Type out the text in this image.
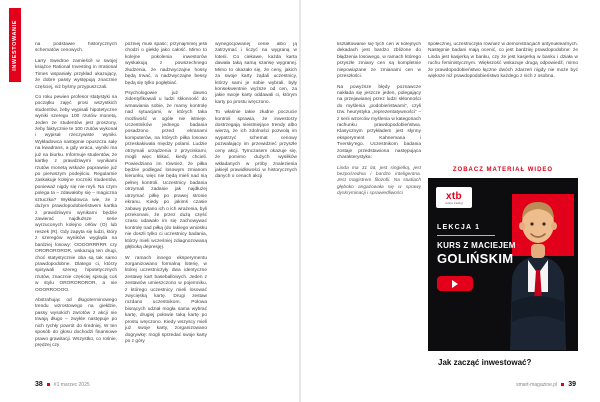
INWESTOWANIE	na podstawie historycznych schematów cenowych.

Larry Swedroe zamieścił w swojej książce Rational Investing in Irrational Times wspaniały przykład ukazujący, że dobre passy występują znacznie częściej, niż byśmy przypuszczali.

Co roku pewien profesor statystyki na początku zajęć prosi wszystkich studentów, żeby wypisali hipotetyczne wyniki szeregu 100 rzutów monetą. Jeden ze studentów jest proszony, żeby faktycznie te 100 rzutów wykonał i wypisał rzeczywiste wyniki. Wykładowca następnie opuszcza salę na kwadrans, a gdy wraca, wyniki ma już na biurku. Informuje studentów, że kartkę z prawdziwymi wynikami rzutów monetą wskaże poprawnie już po pierwszym podejściu. Regularnie zaskakuje kolejne roczniki studentów, ponieważ nigdy się nie myli. Na czym polega ta – zdawałoby się – magiczna sztuczka? Wykładowca wie, że z dużym prawdopodobieństwem kartka z prawdziwymi wynikami będzie zawierać najdłuższe serie wyrzuconych kolejno orłów (O) lub reszek (R). Gdy zapyta się ludzi, który z szeregów wyników wygląda na bardziej losowy: OOOORRRRR czy OROROROROR, wskazują ten drugi, choć statystycznie oba są tak samo prawdopodobne. Dlatego ci, którzy spisywali szereg hipotetycznych rzutów, znacznie częściej spisują coś w stylu OROROROROR, a nie OOORROOOO.

Abstrahując od długoterminowego trendu wzrostowego na giełdzie, passy wysokich zwrotów z akcji nie trwają długo – zwykle następuje po nich rychły powrót do średniej. W ten sposób do głosu dochodzi finansowe prawo grawitacji. Wszystko, co rośnie, prędzej czy

później musi spaść; przynajmniej jeśli chodzi o giełdę jako całość. Mimo to kolejne pokolenia inwestorów wyskakują z powszechnego złudzenia, że nadzwyczajne hossy będą trwać, a nadzwyczajne bessy będą się tylko pogłębiać.

Psychologowie już dawno zidentyfikowali u ludzi skłonność do wmawiania sobie, że mamy kontrolę nad sytuacjami, w których taka możliwość w ogóle nie istnieje. Uczestników jednego badania posadzono przed ekranami komputerów, na których piłka losowo przeskakiwała między polami. Ludzie otrzymali urządzenia z przyciskami, mogli więc klikać, kiedy chcieli. Powiedziano im również, że piłka będzie podlegać losowym zmianom kierunku, więc nie będą mieli nad nią pełnej kontroli. Uczestnicy badania otrzymali zadanie jak najdłużej utrzymać piłkę po prawej stronie ekranu. Kiedy po jakimś czasie zabawy pytano ich o ich wrażenia, byli przekonani, że przez dużą część czasu udawało im się zachowywać kontrolę nad piłką (do takiego wniosku nie doszli tylko ci uczestnicy badania, którzy mieli wcześniej zdiagnozowaną głęboką depresję).

W ramach innego eksperymentu zorganizowano formalną loterię, w której uczestniczyły dwa identyczne zestawy kart baseballowych. Jeden z zestawów umieszczono w pojemniku, z którego uczestnicy mieli losować zwycięską kartę. Drugi zestaw rozdano uczestnikom. Połowa biorących udział mogła sama wybrać kartę, drugiej połowie taką kartę po prostu wręczono. Kiedy wszyscy mieli już swoje karty, zorganizowano dogrywkę: mogli sprzedać swoje karty po z góry

wynegocjowanej cenie albo ją zatrzymać i liczyć na wygraną w loterii. Co ciekawe, każda karta dawała taką samą szansę wygranej. Mimo to okazało się, że ceny, jakich za swoje karty żądali uczestnicy, którzy sami je sobie wybrali, były konsekwentnie wyższe od cen, za jakie swoje karty oddawali ci, którym karty po prostu wręczono.

To właśnie takie złudne poczucie kontroli sprawia, że inwestorzy dostrzegają nieistniejące trendy albo wierzą, że ich zdolności pozwolą im wypatrzyć schemat cenowy pozwalający im przewidzieć przyszłe ceny akcji. Tymczasem okazuje się, że pomimo dużych wysiłków wkładanych w próby znalezienia jakiejś prawidłowości w historycznych danych o cenach akcji

kształtowanie się tych cen w kolejnych dekadach jest bardzo zbliżone do błądzenia losowego, w ramach którego przyszłe zmiany cen są kompletnie niepowiązane ze zmianami cen w przeszłości.

Na powyższe błędy poznawcze nakłada się jeszcze jeden, polegający na przejawianej przez ludzi skłonności do myślenia „podobieństwami”, czyli tzw. heurystyka „reprezentatywności” – z serii wzorców myślenia w kategoriach rachunku prawdopodobieństwa. Klasycznym przykładem jest słynny eksperyment Kahnemana i Tversky'ego. Uczestnikom badania zostaje przedstawiona następująca charakterystyka:

Linda ma 31 lat, jest singielką, jest bezpośrednia i bardzo inteligentna. Jest magistrem filozofii. Na studiach głęboko angażowała się w sprawy dyskryminacji i sprawiedliwości

społecznej, uczestniczyła również w demonstracjach antynuklearnych. Następnie badani mają ocenić, co jest bardziej prawdopodobne: że Linda jest kasjerką w banku, czy że jest kasjerką w banku i działa w ruchu feministycznym. Większość wskazuje drugą odpowiedź, mimo że prawdopodobieństwo łączne dwóch zdarzeń nigdy nie może być większe niż prawdopodobieństwo każdego z nich z osobna.

ZOBACZ MATERIAŁ WIDEO
xtb
online trading
LEKCJA 1
KURS Z MACIEJEM
GOLIŃSKIM
Jak zacząć inwestować?
38 #1 marzec 2025	smart-magazine.pl 39
